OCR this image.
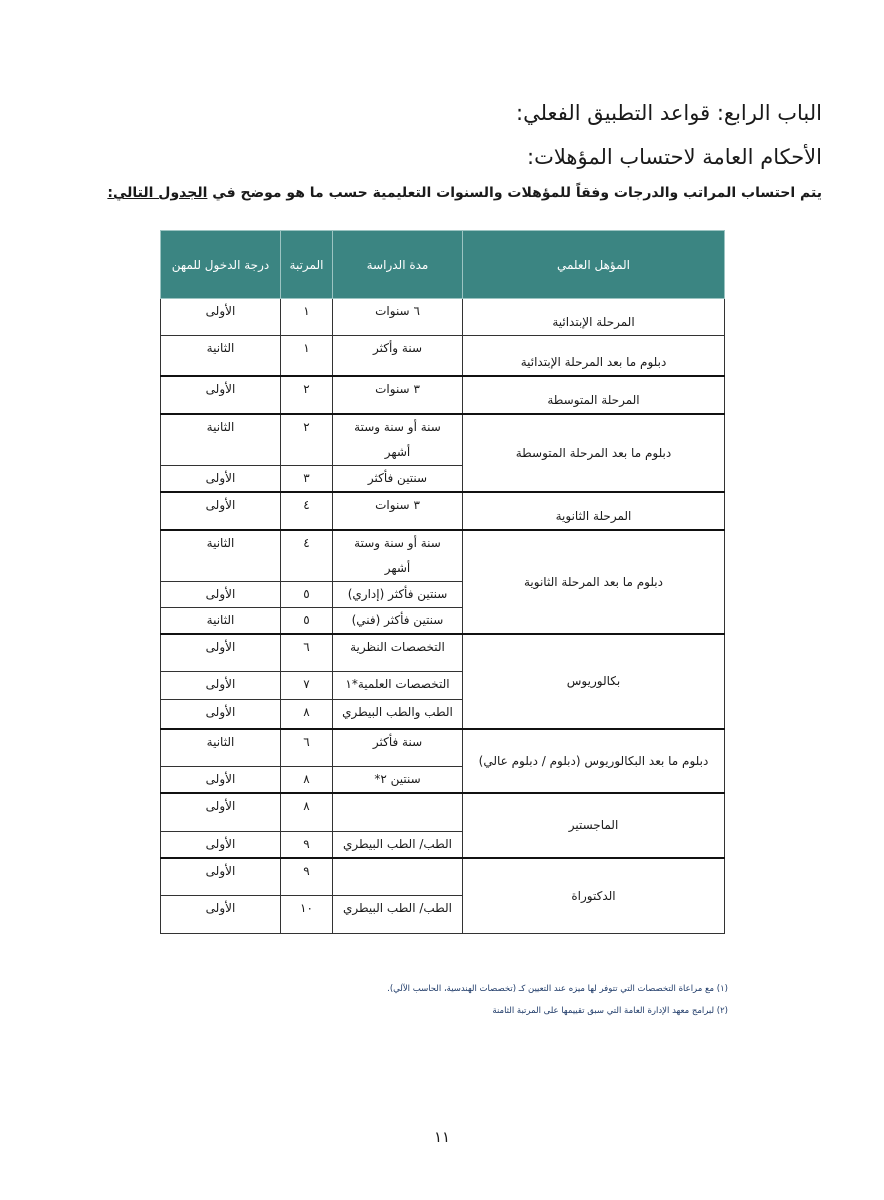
الباب الرابع: قواعد التطبيق الفعلي:
الأحكام العامة لاحتساب المؤهلات:

يتم احتساب المراتب والدرجات وفقاً للمؤهلات والسنوات التعليمية حسب ما هو موضح في الجدول التالي:

المؤهل العلمي	مدة الدراسة	المرتبة	درجة الدخول للمهن
المرحلة الإبتدائية	٦ سنوات	١	الأولى
دبلوم ما بعد المرحلة الإبتدائية	سنة وأكثر	١	الثانية
المرحلة المتوسطة	٣ سنوات	٢	الأولى
دبلوم ما بعد المرحلة المتوسطة	سنة أو سنة وستة أشهر	٢	الثانية
	سنتين فأكثر	٣	الأولى
المرحلة الثانوية	٣ سنوات	٤	الأولى
دبلوم ما بعد المرحلة الثانوية	سنة أو سنة وستة أشهر	٤	الثانية
	سنتين فأكثر (إداري)	٥	الأولى
	سنتين فأكثر (فني)	٥	الثانية
بكالوريوس	التخصصات النظرية	٦	الأولى
	التخصصات العلمية*١	٧	الأولى
	الطب والطب البيطري	٨	الأولى
دبلوم ما بعد البكالوريوس (دبلوم / دبلوم عالي)	سنة فأكثر	٦	الثانية
	سنتين ٢*	٨	الأولى
الماجستير		٨	الأولى
	الطب/ الطب البيطري	٩	الأولى
الدكتوراة		٩	الأولى
	الطب/ الطب البيطري	١٠	الأولى
(١) مع مراعاة التخصصات التي تتوفر لها ميزه عند التعيين كـ (تخصصات الهندسية، الحاسب الآلي).
(٢) لبرامج معهد الإدارة العامة التي سبق تقييمها على المرتبة الثامنة
١١
